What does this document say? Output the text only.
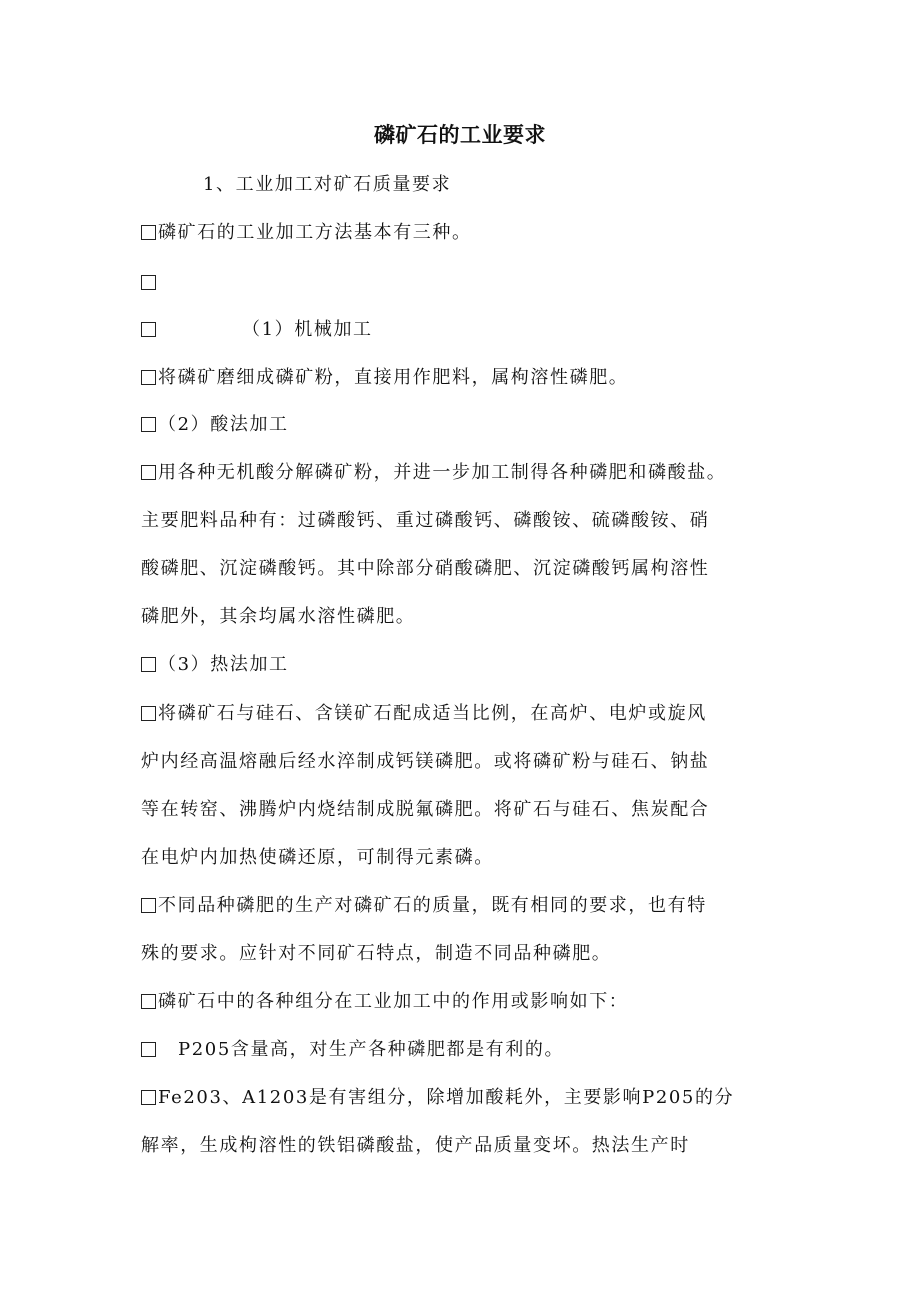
磷矿石的工业要求
1、工业加工对矿石质量要求
磷矿石的工业加工方法基本有三种。
（1）机械加工
将磷矿磨细成磷矿粉，直接用作肥料，属枸溶性磷肥。
（2）酸法加工
用各种无机酸分解磷矿粉，并进一步加工制得各种磷肥和磷酸盐。
主要肥料品种有：过磷酸钙、重过磷酸钙、磷酸铵、硫磷酸铵、硝
酸磷肥、沉淀磷酸钙。其中除部分硝酸磷肥、沉淀磷酸钙属枸溶性
磷肥外，其余均属水溶性磷肥。
（3）热法加工
将磷矿石与硅石、含镁矿石配成适当比例，在高炉、电炉或旋风
炉内经高温熔融后经水淬制成钙镁磷肥。或将磷矿粉与硅石、钠盐
等在转窑、沸腾炉内烧结制成脱氟磷肥。将矿石与硅石、焦炭配合
在电炉内加热使磷还原，可制得元素磷。
不同品种磷肥的生产对磷矿石的质量，既有相同的要求，也有特
殊的要求。应针对不同矿石特点，制造不同品种磷肥。
磷矿石中的各种组分在工业加工中的作用或影响如下：
P205含量高，对生产各种磷肥都是有利的。
Fe203、A1203是有害组分，除增加酸耗外，主要影响P205的分
解率，生成枸溶性的铁铝磷酸盐，使产品质量变坏。热法生产时
